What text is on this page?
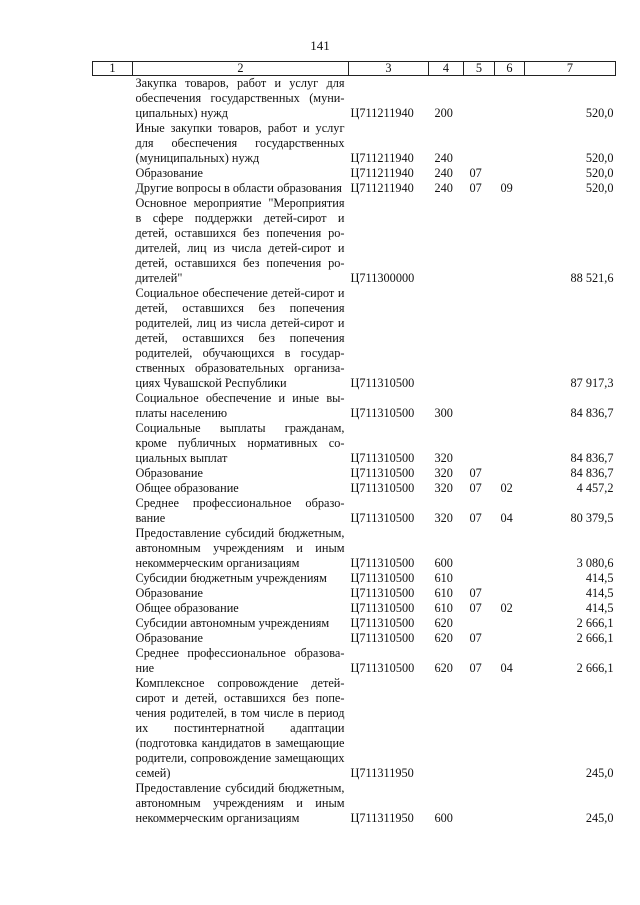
141
1	2	3	4	5	6	7
	Закупка товаров, работ и услуг для обеспечения государственных (муниципальных) нужд	Ц711211940	200			520,0
	Иные закупки товаров, работ и услуг для обеспечения государственных (муниципальных) нужд	Ц711211940	240			520,0
	Образование	Ц711211940	240	07		520,0
	Другие вопросы в области образования	Ц711211940	240	07	09	520,0
	Основное мероприятие "Мероприятия в сфере поддержки детей-сирот и детей, оставшихся без попечения родителей, лиц из числа детей-сирот и детей, оставшихся без попечения родителей"	Ц711300000				88 521,6
	Социальное обеспечение детей-сирот и детей, оставшихся без попечения родителей, лиц из числа детей-сирот и детей, оставшихся без попечения родителей, обучающихся в государственных образовательных организациях Чувашской Республики	Ц711310500				87 917,3
	Социальное обеспечение и иные выплаты населению	Ц711310500	300			84 836,7
	Социальные выплаты гражданам, кроме публичных нормативных социальных выплат	Ц711310500	320			84 836,7
	Образование	Ц711310500	320	07		84 836,7
	Общее образование	Ц711310500	320	07	02	4 457,2
	Среднее профессиональное образование	Ц711310500	320	07	04	80 379,5
	Предоставление субсидий бюджетным, автономным учреждениям и иным некоммерческим организациям	Ц711310500	600			3 080,6
	Субсидии бюджетным учреждениям	Ц711310500	610			414,5
	Образование	Ц711310500	610	07		414,5
	Общее образование	Ц711310500	610	07	02	414,5
	Субсидии автономным учреждениям	Ц711310500	620			2 666,1
	Образование	Ц711310500	620	07		2 666,1
	Среднее профессиональное образование	Ц711310500	620	07	04	2 666,1
	Комплексное сопровождение детей-сирот и детей, оставшихся без попечения родителей, в том числе в период их постинтернатной адаптации (подготовка кандидатов в замещающие родители, сопровождение замещающих семей)	Ц711311950				245,0
	Предоставление субсидий бюджетным, автономным учреждениям и иным некоммерческим организациям	Ц711311950	600			245,0
